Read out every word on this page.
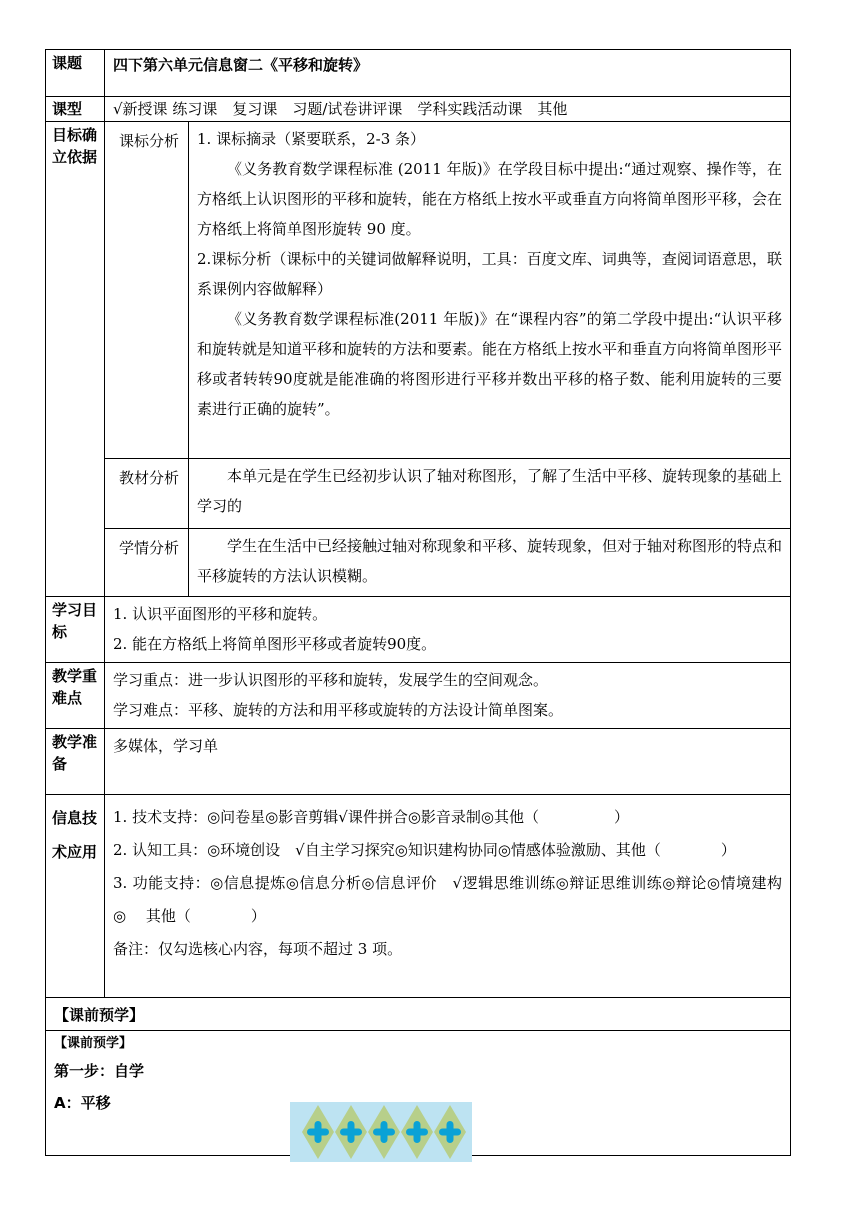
课题	四下第六单元信息窗二《平移和旋转》	
课型	√新授课 练习课　复习课　习题/试卷讲评课　学科实践活动课　其他	
目标确立依据	课标分析	1. 课标摘录（紧要联系，2-3 条）

《义务教育数学课程标准 (2011 年版)》在学段目标中提出:“通过观察、操作等，在方格纸上认识图形的平移和旋转，能在方格纸上按水平或垂直方向将简单图形平移，会在方格纸上将简单图形旋转 90 度。

2.课标分析（课标中的关键词做解释说明，工具：百度文库、词典等，查阅词语意思，联系课例内容做解释）

《义务教育数学课程标准(2011 年版)》在“课程内容”的第二学段中提出:“认识平移和旋转就是知道平移和旋转的方法和要素。能在方格纸上按水平和垂直方向将简单图形平移或者转转90度就是能准确的将图形进行平移并数出平移的格子数、能利用旋转的三要素进行正确的旋转”。

	教材分析	本单元是在学生已经初步认识了轴对称图形，了解了生活中平移、旋转现象的基础上学习的

	学情分析	学生在生活中已经接触过轴对称现象和平移、旋转现象，但对于轴对称图形的特点和平移旋转的方法认识模糊。

学习目标	1. 认识平面图形的平移和旋转。

2. 能在方格纸上将简单图形平移或者旋转90度。	

教学重难点	学习重点：进一步认识图形的平移和旋转，发展学生的空间观念。

学习难点：平移、旋转的方法和用平移或旋转的方法设计简单图案。	

教学准备	多媒体，学习单	
信息技术应用	1. 技术支持：◎问卷星◎影音剪辑√课件拼合◎影音录制◎其他（　　　　　）

2. 认知工具：◎环境创设　√自主学习探究◎知识建构协同◎情感体验激励、其他（　　　　）

3. 功能支持：◎信息提炼◎信息分析◎信息评价　√逻辑思维训练◎辩证思维训练◎辩论◎情境建构　◎　 其他（　　　　）

备注：仅勾选核心内容，每项不超过 3 项。	

【课前预学】		

【课前预学】
第一步：自学
A：平移		
